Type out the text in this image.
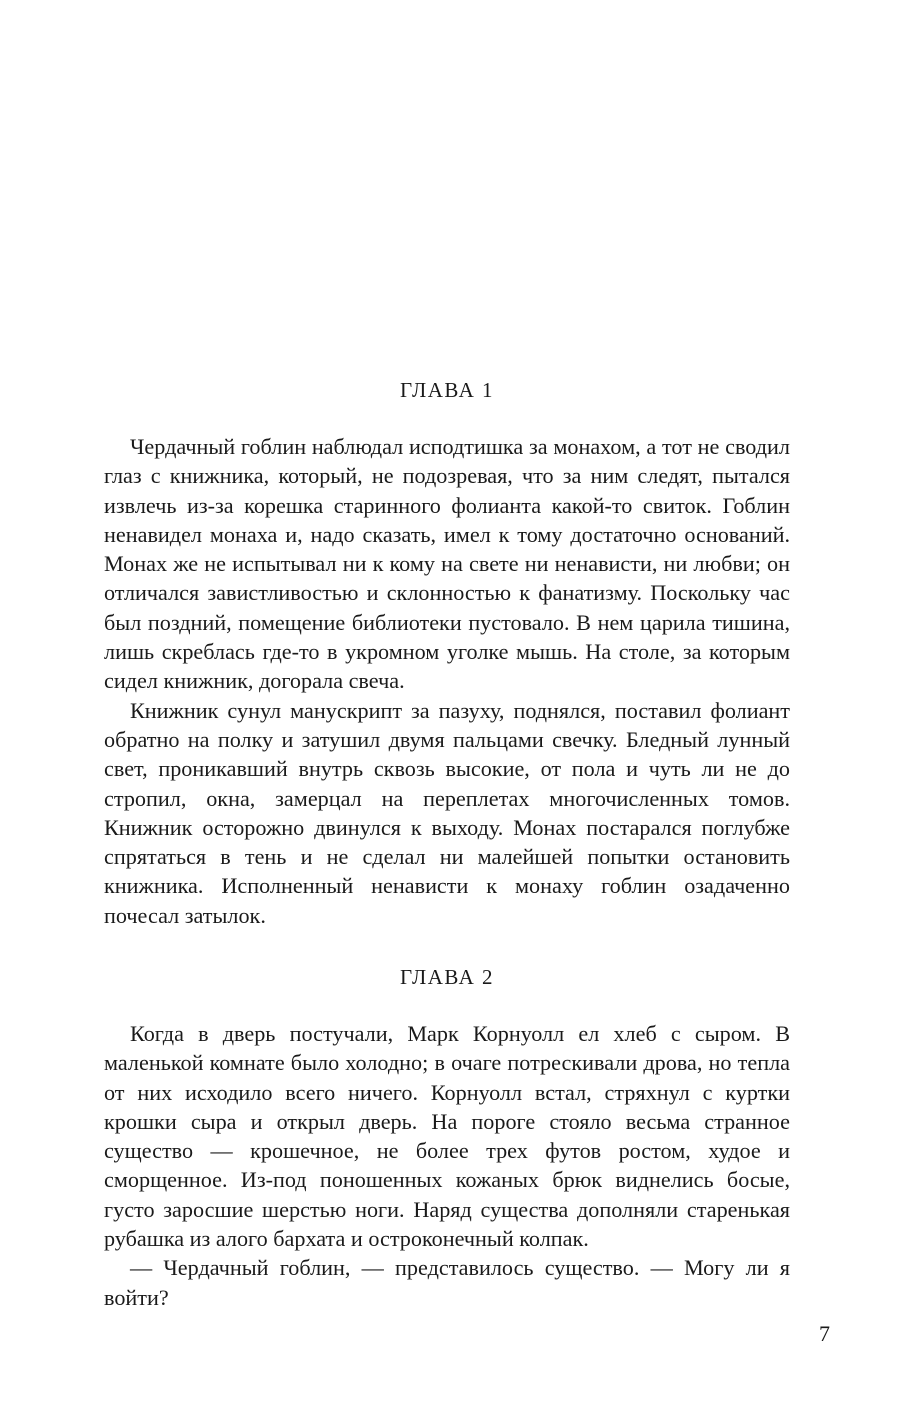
ГЛАВА 1

Чердачный гоблин наблюдал исподтишка за монахом, а тот не сводил глаз с книжника, который, не подозревая, что за ним следят, пытался извлечь из-за корешка старинного фолианта какой-то свиток. Гоблин ненавидел монаха и, надо сказать, имел к тому достаточно оснований. Монах же не испытывал ни к кому на свете ни ненависти, ни любви; он отличался завистливостью и склонностью к фанатизму. Поскольку час был поздний, помещение библиотеки пустовало. В нем царила тишина, лишь скреблась где-то в укромном уголке мышь. На столе, за которым сидел книжник, догорала свеча.

Книжник сунул манускрипт за пазуху, поднялся, поставил фолиант обратно на полку и затушил двумя пальцами свечку. Бледный лунный свет, проникавший внутрь сквозь высокие, от пола и чуть ли не до стропил, окна, замерцал на переплетах многочисленных томов. Книжник осторожно двинулся к выходу. Монах постарался поглубже спрятаться в тень и не сделал ни малейшей попытки остановить книжника. Исполненный ненависти к монаху гоблин озадаченно почесал затылок.

ГЛАВА 2

Когда в дверь постучали, Марк Корнуолл ел хлеб с сыром. В маленькой комнате было холодно; в очаге потрескивали дрова, но тепла от них исходило всего ничего. Корнуолл встал, стряхнул с куртки крошки сыра и открыл дверь. На пороге стояло весьма странное существо — крошечное, не более трех футов ростом, худое и сморщенное. Из-под поношенных кожаных брюк виднелись босые, густо заросшие шерстью ноги. Наряд существа дополняли старенькая рубашка из алого бархата и остроконечный колпак.

— Чердачный гоблин, — представилось существо. — Могу ли я войти?

7
